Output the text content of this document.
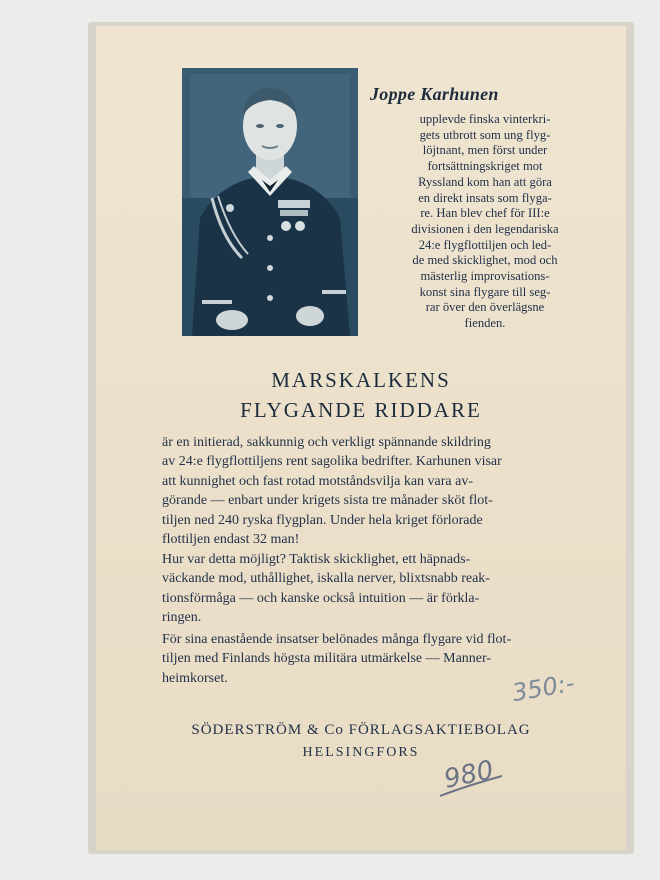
Joppe Karhunen
upplevde finska vinterkri-
gets utbrott som ung flyg-
löjtnant, men först under
fortsättningskriget mot
Ryssland kom han att göra
en direkt insats som flyga-
re. Han blev chef för III:e
divisionen i den legendariska
24:e flygflottiljen och led-
de med skicklighet, mod och
mästerlig improvisations-
konst sina flygare till seg-
rar över den överlägsne
fienden.
MARSKALKENS
FLYGANDE RIDDARE
är en initierad, sakkunnig och verkligt spännande skildring
av 24:e flygflottiljens rent sagolika bedrifter. Karhunen visar
att kunnighet och fast rotad motståndsvilja kan vara av-
görande — enbart under krigets sista tre månader sköt flot-
tiljen ned 240 ryska flygplan. Under hela kriget förlorade
flottiljen endast 32 man!
Hur var detta möjligt? Taktisk skicklighet, ett häpnads-
väckande mod, uthållighet, iskalla nerver, blixtsnabb reak-
tionsförmåga — och kanske också intuition — är förkla-
ringen.
För sina enastående insatser belönades många flygare vid flot-
tiljen med Finlands högsta militära utmärkelse — Manner-
heimkorset.	350:-
SÖDERSTRÖM & Co FÖRLAGSAKTIEBOLAG
HELSINGFORS
980
